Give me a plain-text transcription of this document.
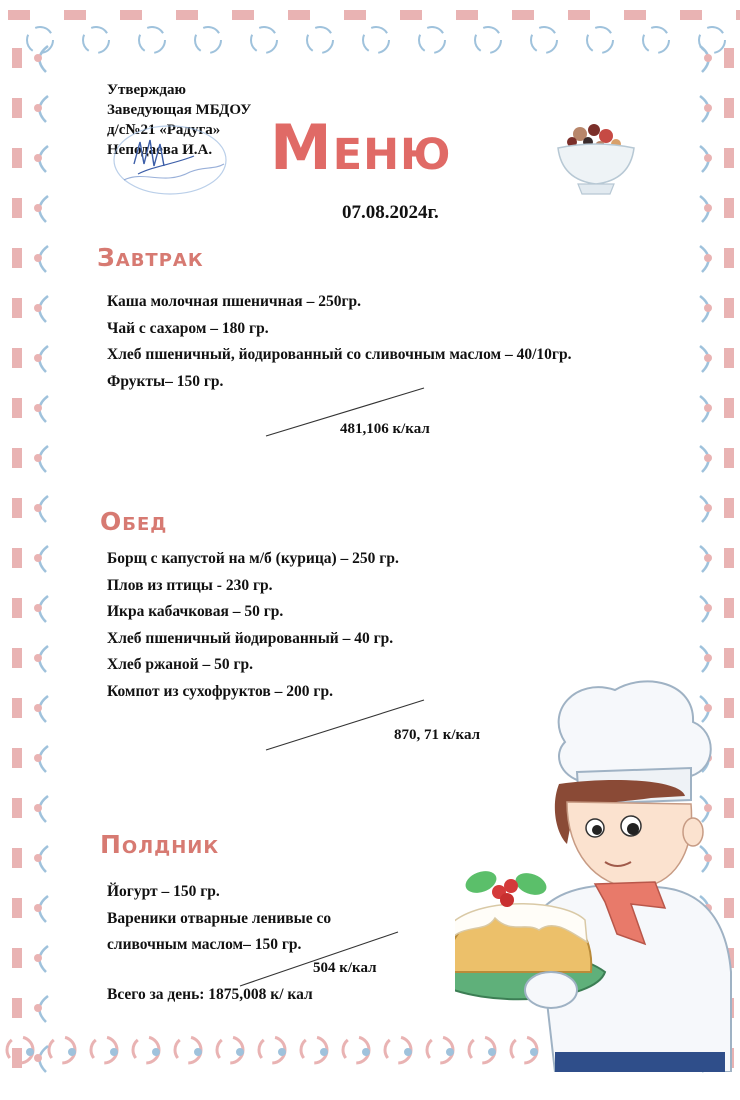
Утверждаю
Заведующая МБДОУ
д/с№21 «Радуга»
Неподаева И.А. Меню
07.08.2024г.
Завтрак
Каша молочная пшеничная – 250гр.
Чай с сахаром – 180 гр.
Хлеб пшеничный, йодированный со сливочным маслом – 40/10гр.
Фрукты– 150 гр.
481,106 к/кал
Обед
Борщ с капустой на м/б (курица) – 250 гр.
Плов из птицы - 230 гр.
Икра кабачковая – 50 гр.
Хлеб пшеничный йодированный – 40 гр.
Хлеб ржаной – 50 гр.
Компот из сухофруктов – 200 гр.
870, 71 к/кал
Полдник
Йогурт – 150 гр.
Вареники отварные ленивые со
сливочным маслом– 150 гр.
504 к/кал
Всего за день: 1875,008 к/ кал
